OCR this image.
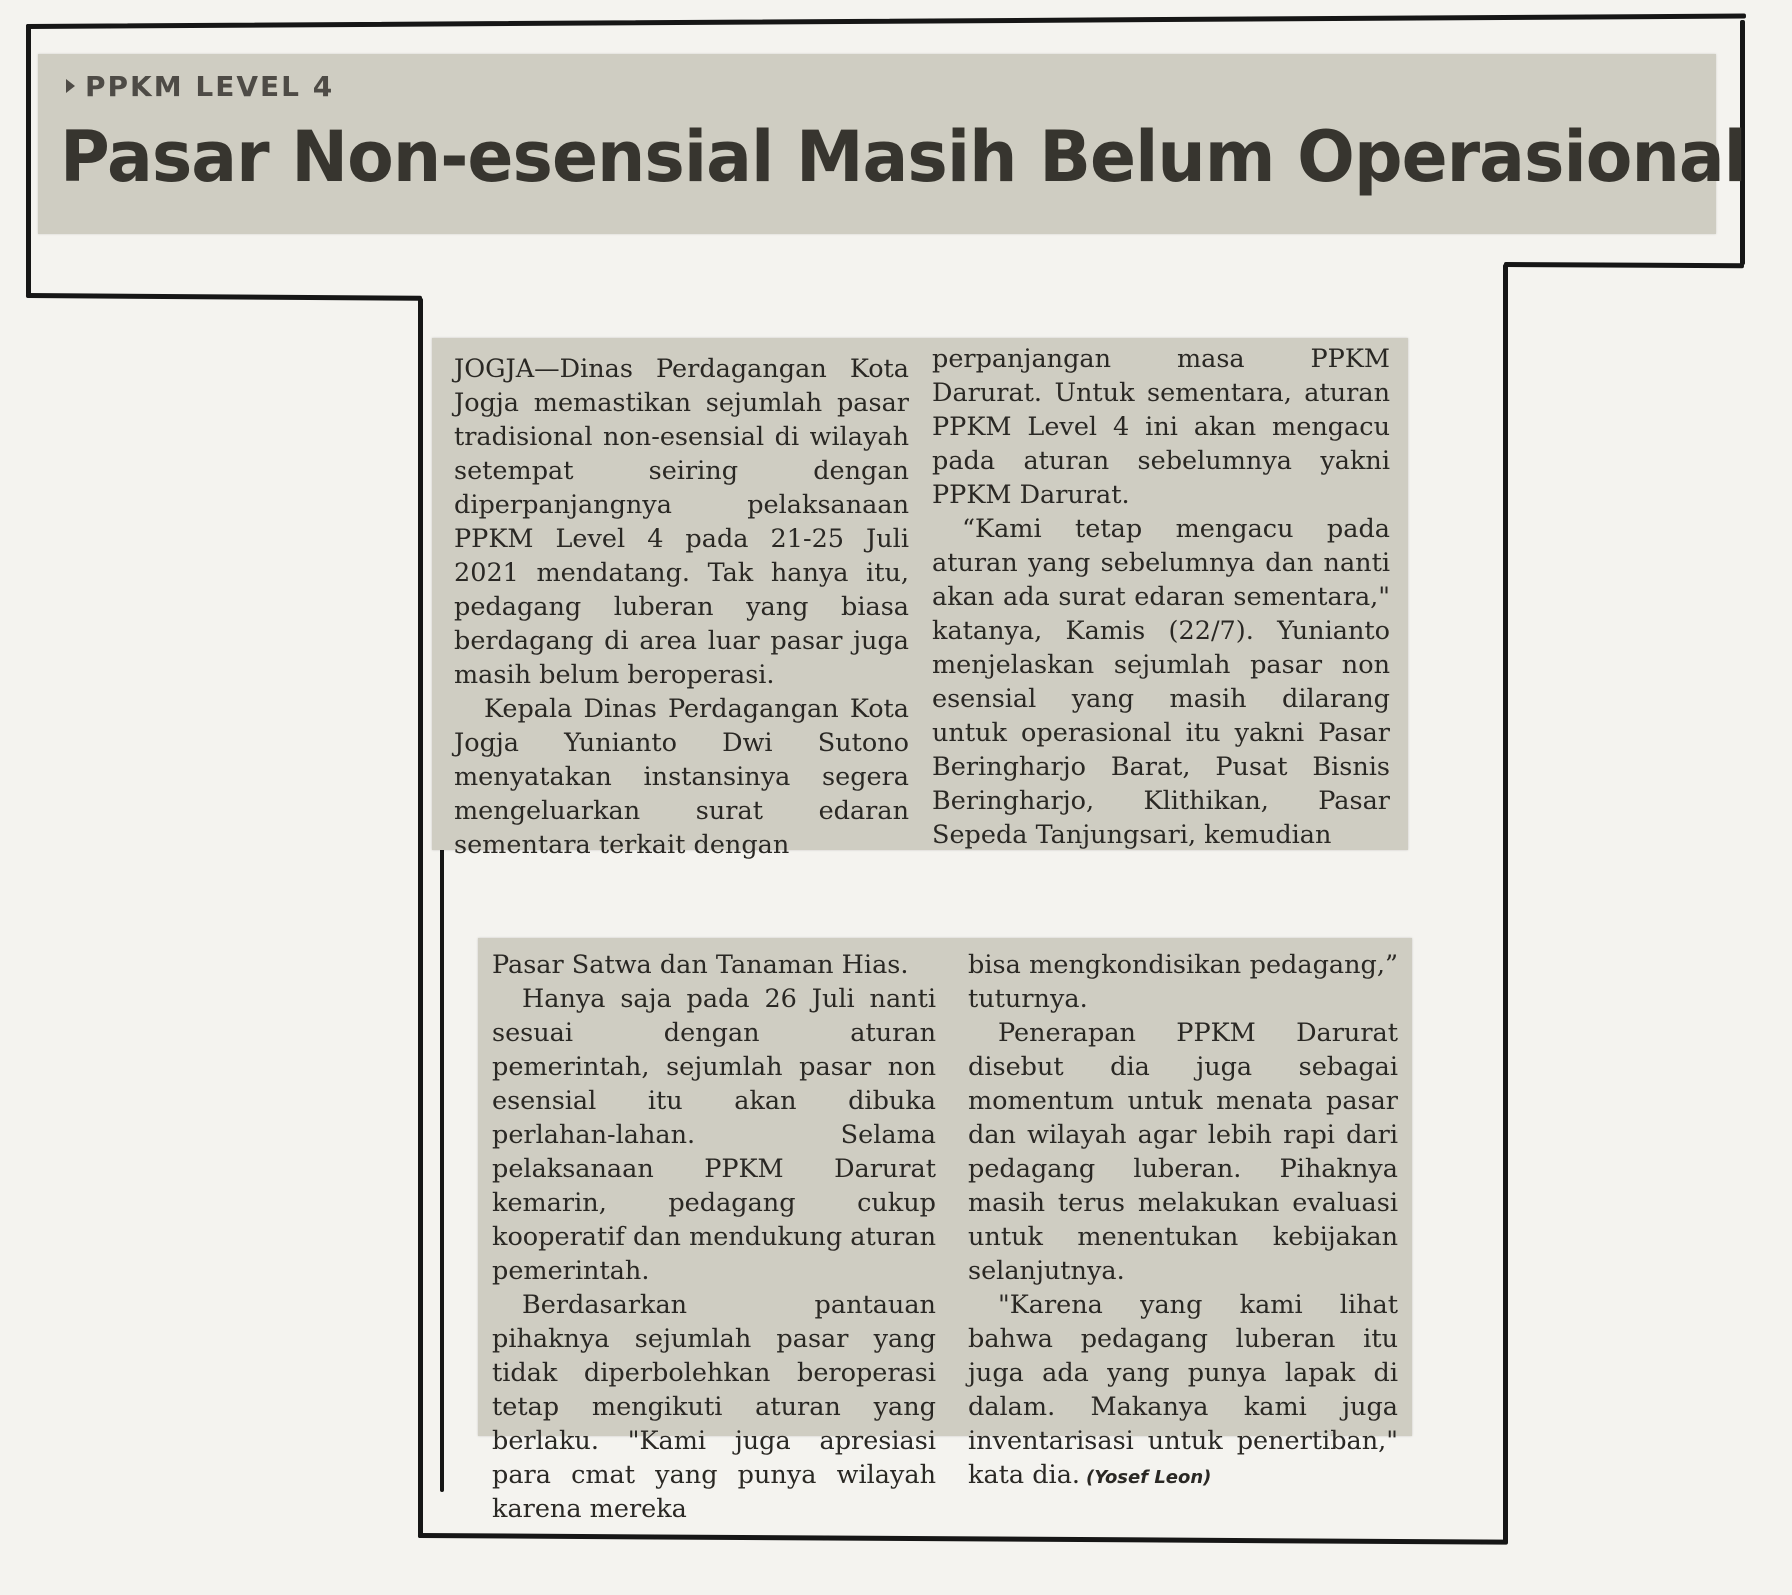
PPKM LEVEL 4
Pasar Non-esensial Masih Belum Operasional

JOGJA—Dinas Perdagangan Kota Jogja memastikan sejumlah pasar tradisional non-esensial di wilayah setempat seiring dengan diperpanjangnya pelaksanaan PPKM Level 4 pada 21-25 Juli 2021 mendatang. Tak hanya itu, pedagang luberan yang biasa berdagang di area luar pasar juga masih belum beroperasi.

Kepala Dinas Perdagangan Kota Jogja Yunianto Dwi Sutono menyatakan instansinya segera mengeluarkan surat edaran sementara terkait dengan

perpanjangan masa PPKM Darurat. Untuk sementara, aturan PPKM Level 4 ini akan mengacu pada aturan sebelumnya yakni PPKM Darurat.

“Kami tetap mengacu pada aturan yang sebelumnya dan nanti akan ada surat edaran sementara," katanya, Kamis (22/7). Yunianto menjelaskan sejumlah pasar non esensial yang masih dilarang untuk operasional itu yakni Pasar Beringharjo Barat, Pusat Bisnis Beringharjo, Klithikan, Pasar Sepeda Tanjungsari, kemudian

Pasar Satwa dan Tanaman Hias.

Hanya saja pada 26 Juli nanti sesuai dengan aturan pemerintah, sejumlah pasar non esensial itu akan dibuka perlahan-lahan. Selama pelaksanaan PPKM Darurat kemarin, pedagang cukup kooperatif dan mendukung aturan pemerintah.

Berdasarkan pantauan pihaknya sejumlah pasar yang tidak diperbolehkan beroperasi tetap mengikuti aturan yang berlaku. "Kami juga apresiasi para cmat yang punya wilayah karena mereka

bisa mengkondisikan pedagang,” tuturnya.

Penerapan PPKM Darurat disebut dia juga sebagai momentum untuk menata pasar dan wilayah agar lebih rapi dari pedagang luberan. Pihaknya masih terus melakukan evaluasi untuk menentukan kebijakan selanjutnya.

"Karena yang kami lihat bahwa pedagang luberan itu juga ada yang punya lapak di dalam. Makanya kami juga inventarisasi untuk penertiban," kata dia. (Yosef Leon)
